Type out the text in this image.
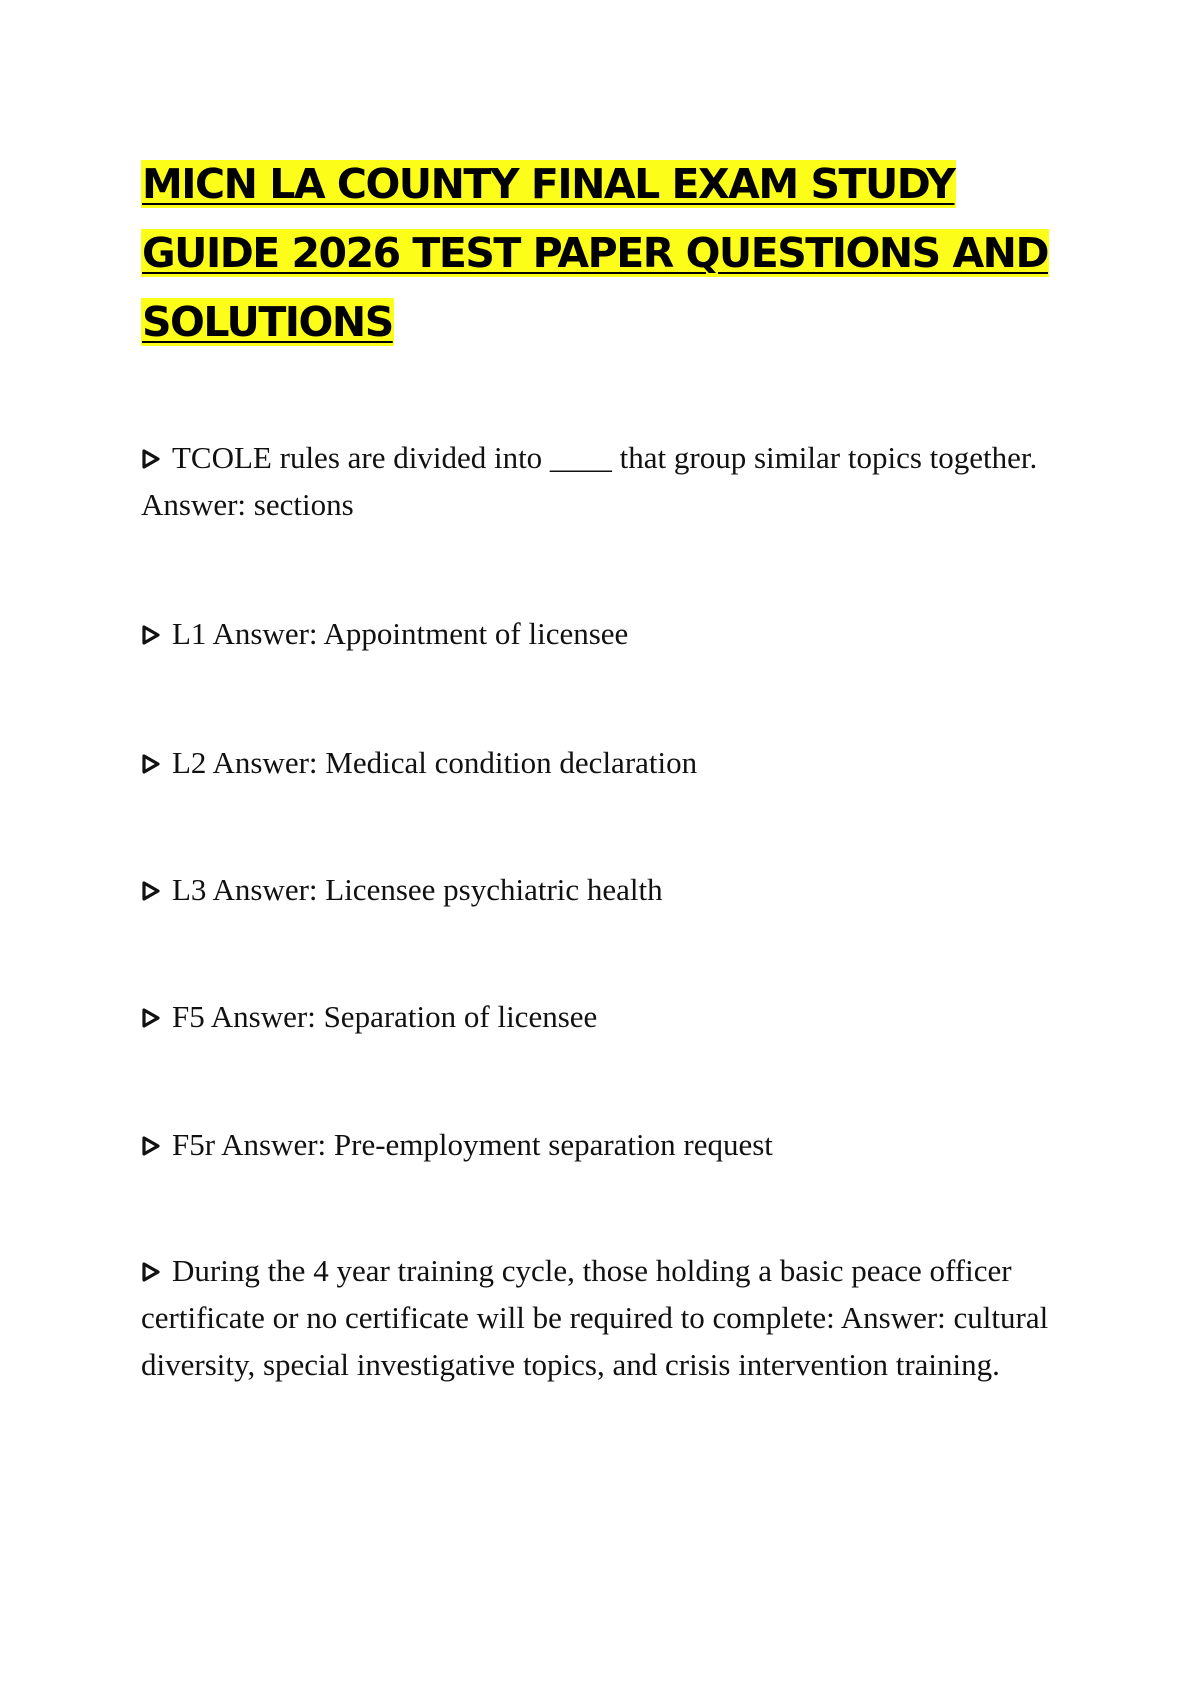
MICN LA COUNTY FINAL EXAM STUDY GUIDE 2026 TEST PAPER QUESTIONS AND SOLUTIONS

TCOLE rules are divided into ____ that group similar topics together. Answer: sections

L1 Answer: Appointment of licensee

L2 Answer: Medical condition declaration

L3 Answer: Licensee psychiatric health

F5 Answer: Separation of licensee

F5r Answer: Pre-employment separation request

During the 4 year training cycle, those holding a basic peace officer certificate or no certificate will be required to complete: Answer: cultural diversity, special investigative topics, and crisis intervention training.
